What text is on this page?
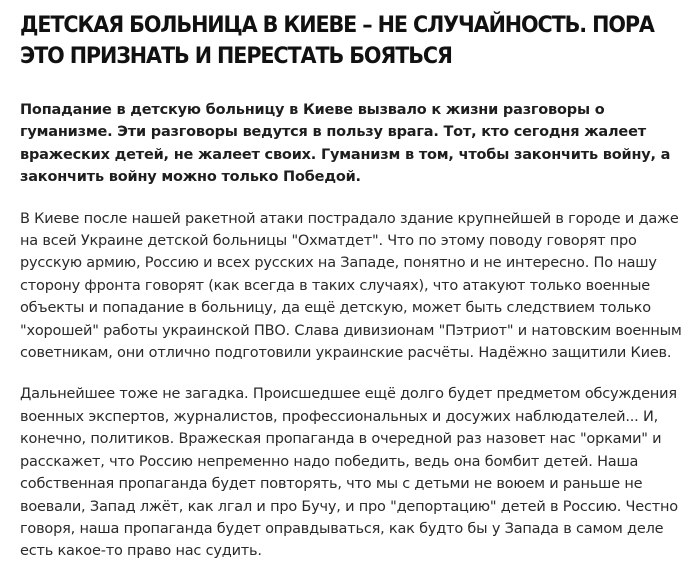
ДЕТСКАЯ БОЛЬНИЦА В КИЕВЕ – НЕ СЛУЧАЙНОСТЬ. ПОРА ЭТО ПРИЗНАТЬ И ПЕРЕСТАТЬ БОЯТЬСЯ

Попадание в детскую больницу в Киеве вызвало к жизни разговоры о гуманизме. Эти разговоры ведутся в пользу врага. Тот, кто сегодня жалеет вражеских детей, не жалеет своих. Гуманизм в том, чтобы закончить войну, а закончить войну можно только Победой.

В Киеве после нашей ракетной атаки пострадало здание крупнейшей в городе и даже на всей Украине детской больницы "Охматдет". Что по этому поводу говорят про русскую армию, Россию и всех русских на Западе, понятно и не интересно. По нашу сторону фронта говорят (как всегда в таких случаях), что атакуют только военные объекты и попадание в больницу, да ещё детскую, может быть следствием только "хорошей" работы украинской ПВО. Слава дивизионам "Пэтриот" и натовским военным советникам, они отлично подготовили украинские расчёты. Надёжно защитили Киев.

Дальнейшее тоже не загадка. Происшедшее ещё долго будет предметом обсуждения военных экспертов, журналистов, профессиональных и досужих наблюдателей... И, конечно, политиков. Вражеская пропаганда в очередной раз назовет нас "орками" и расскажет, что Россию непременно надо победить, ведь она бомбит детей. Наша собственная пропаганда будет повторять, что мы с детьми не воюем и раньше не воевали, Запад лжёт, как лгал и про Бучу, и про "депортацию" детей в Россию. Честно говоря, наша пропаганда будет оправдываться, как будто бы у Запада в самом деле есть какое-то право нас судить.
